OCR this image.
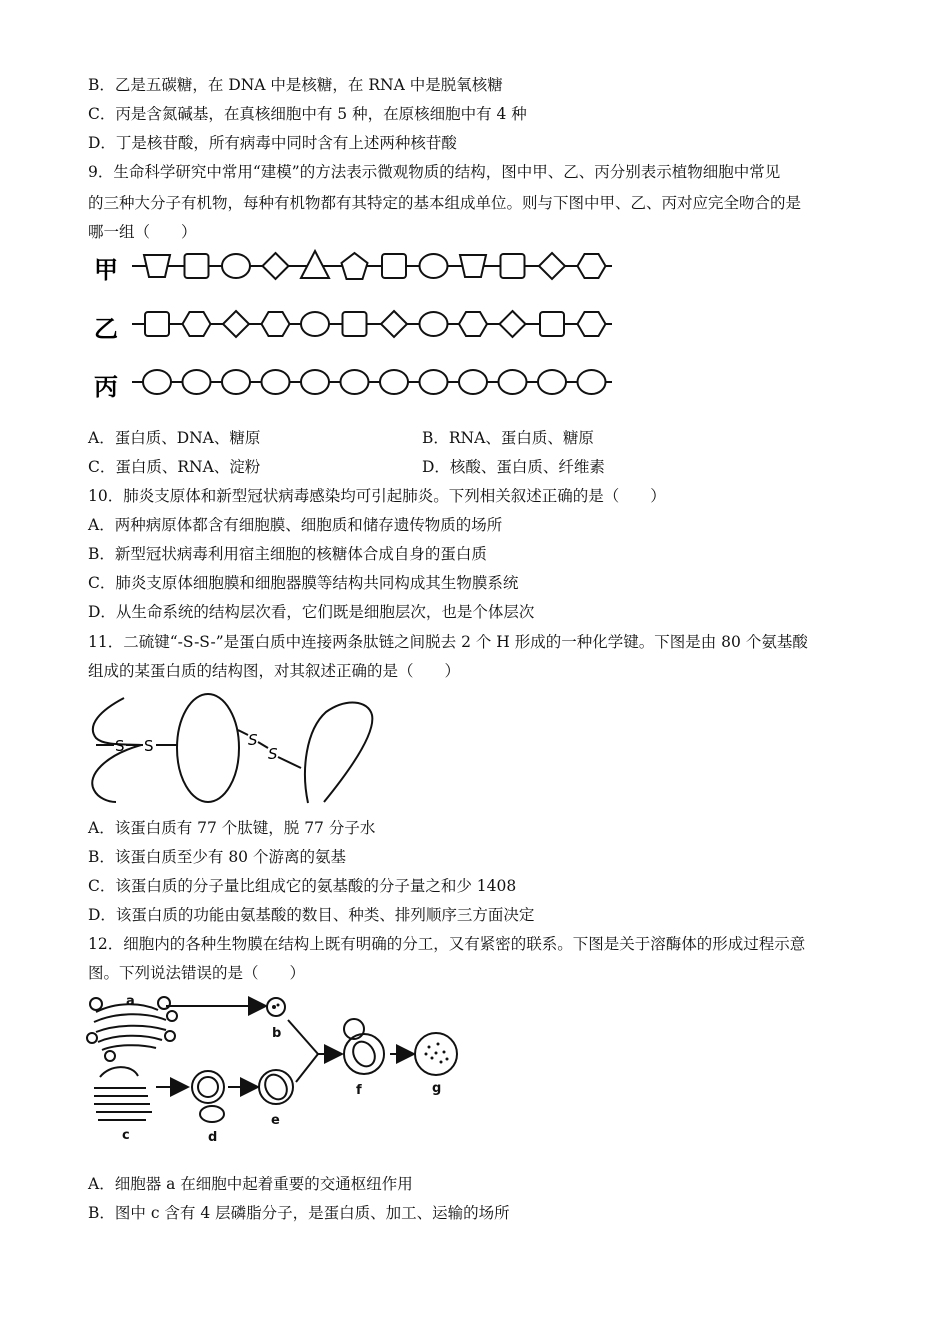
B．乙是五碳糖，在 DNA 中是核糖，在 RNA 中是脱氧核糖
C．丙是含氮碱基，在真核细胞中有 5 种，在原核细胞中有 4 种
D．丁是核苷酸，所有病毒中同时含有上述两种核苷酸
9．生命科学研究中常用“建模”的方法表示微观物质的结构，图中甲、乙、丙分别表示植物细胞中常见
的三种大分子有机物，每种有机物都有其特定的基本组成单位。则与下图中甲、乙、丙对应完全吻合的是
哪一组（　　）
甲
乙
丙
A．蛋白质、DNA、糖原	B．RNA、蛋白质、糖原
C．蛋白质、RNA、淀粉	D．核酸、蛋白质、纤维素
10．肺炎支原体和新型冠状病毒感染均可引起肺炎。下列相关叙述正确的是（　　）
A．两种病原体都含有细胞膜、细胞质和储存遗传物质的场所
B．新型冠状病毒利用宿主细胞的核糖体合成自身的蛋白质
C．肺炎支原体细胞膜和细胞器膜等结构共同构成其生物膜系统
D．从生命系统的结构层次看，它们既是细胞层次，也是个体层次
11．二硫键“-S-S-”是蛋白质中连接两条肽链之间脱去 2 个 H 形成的一种化学键。下图是由 80 个氨基酸
组成的某蛋白质的结构图，对其叙述正确的是（　　）
S S	S
S
A．该蛋白质有 77 个肽键，脱 77 分子水
B．该蛋白质至少有 80 个游离的氨基
C．该蛋白质的分子量比组成它的氨基酸的分子量之和少 1408
D．该蛋白质的功能由氨基酸的数目、种类、排列顺序三方面决定
12．细胞内的各种生物膜在结构上既有明确的分工，又有紧密的联系。下图是关于溶酶体的形成过程示意
图。下列说法错误的是（　　）
a
b
c	d
e
f	g
A．细胞器 a 在细胞中起着重要的交通枢纽作用
B．图中 c 含有 4 层磷脂分子，是蛋白质、加工、运输的场所
